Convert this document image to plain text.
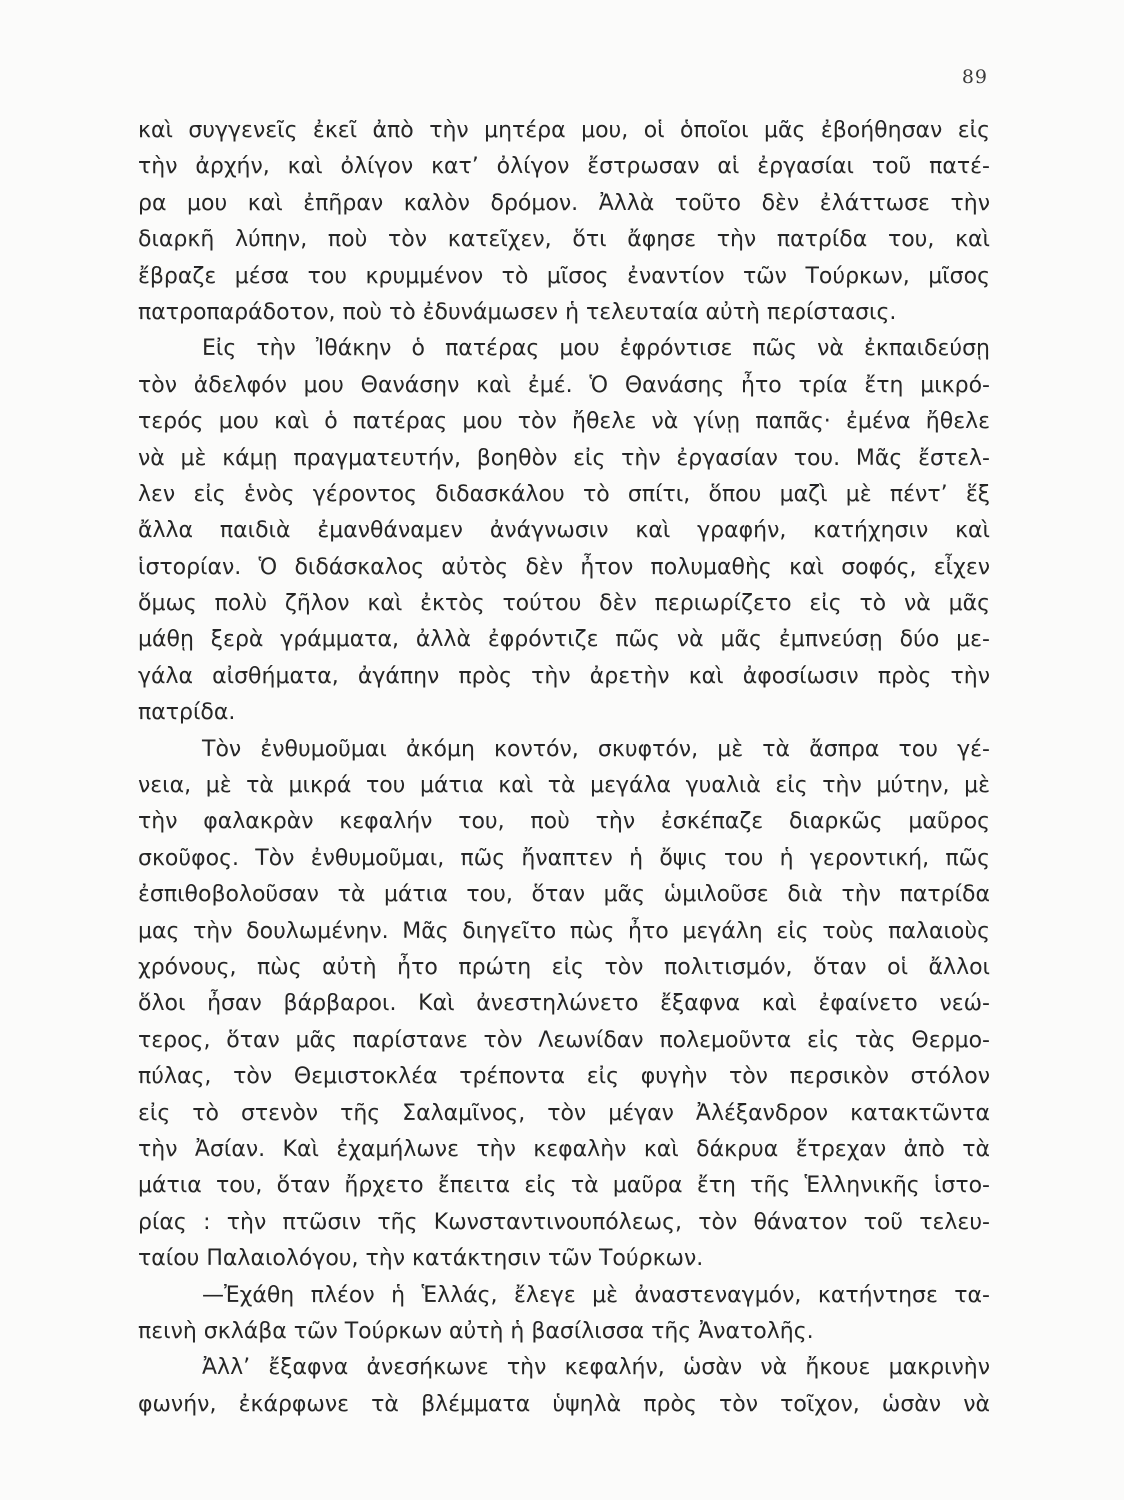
89
καὶ συγγενεῖς ἐκεῖ ἀπὸ τὴν μητέρα μου, οἱ ὁποῖοι μᾶς ἐβοήθησαν εἰς
τὴν ἀρχήν, καὶ ὀλίγον κατ’ ὀλίγον ἔστρωσαν αἱ ἐργασίαι τοῦ πατέ-
ρα μου καὶ ἐπῆραν καλὸν δρόμον. Ἀλλὰ τοῦτο δὲν ἐλάττωσε τὴν
διαρκῆ λύπην, ποὺ τὸν κατεῖχεν, ὅτι ἄφησε τὴν πατρίδα του, καὶ
ἔβραζε μέσα του κρυμμένον τὸ μῖσος ἐναντίον τῶν Τούρκων, μῖσος
πατροπαράδοτον, ποὺ τὸ ἐδυνάμωσεν ἡ τελευταία αὐτὴ περίστασις.
Εἰς τὴν Ἰθάκην ὁ πατέρας μου ἐφρόντισε πῶς νὰ ἐκπαιδεύσῃ
τὸν ἀδελφόν μου Θανάσην καὶ ἐμέ. Ὁ Θανάσης ἦτο τρία ἔτη μικρό-
τερός μου καὶ ὁ πατέρας μου τὸν ἤθελε νὰ γίνῃ παπᾶς· ἐμένα ἤθελε
νὰ μὲ κάμῃ πραγματευτήν, βοηθὸν εἰς τὴν ἐργασίαν του. Μᾶς ἔστελ-
λεν εἰς ἑνὸς γέροντος διδασκάλου τὸ σπίτι, ὅπου μαζὶ μὲ πέντ’ ἕξ
ἄλλα παιδιὰ ἐμανθάναμεν ἀνάγνωσιν καὶ γραφήν, κατήχησιν καὶ
ἱστορίαν. Ὁ διδάσκαλος αὐτὸς δὲν ἦτον πολυμαθὴς καὶ σοφός, εἶχεν
ὅμως πολὺ ζῆλον καὶ ἐκτὸς τούτου δὲν περιωρίζετο εἰς τὸ νὰ μᾶς
μάθῃ ξερὰ γράμματα, ἀλλὰ ἐφρόντιζε πῶς νὰ μᾶς ἐμπνεύσῃ δύο με-
γάλα αἰσθήματα, ἀγάπην πρὸς τὴν ἀρετὴν καὶ ἀφοσίωσιν πρὸς τὴν
πατρίδα.
Τὸν ἐνθυμοῦμαι ἀκόμη κοντόν, σκυφτόν, μὲ τὰ ἄσπρα του γέ-
νεια, μὲ τὰ μικρά του μάτια καὶ τὰ μεγάλα γυαλιὰ εἰς τὴν μύτην, μὲ
τὴν φαλακρὰν κεφαλήν του, ποὺ τὴν ἐσκέπαζε διαρκῶς μαῦρος
σκοῦφος. Τὸν ἐνθυμοῦμαι, πῶς ἤναπτεν ἡ ὄψις του ἡ γεροντική, πῶς
ἐσπιθοβολοῦσαν τὰ μάτια του, ὅταν μᾶς ὡμιλοῦσε διὰ τὴν πατρίδα
μας τὴν δουλωμένην. Μᾶς διηγεῖτο πὼς ἦτο μεγάλη εἰς τοὺς παλαιοὺς
χρόνους, πὼς αὐτὴ ἦτο πρώτη εἰς τὸν πολιτισμόν, ὅταν οἱ ἄλλοι
ὅλοι ἦσαν βάρβαροι. Καὶ ἀνεστηλώνετο ἔξαφνα καὶ ἐφαίνετο νεώ-
τερος, ὅταν μᾶς παρίστανε τὸν Λεωνίδαν πολεμοῦντα εἰς τὰς Θερμο-
πύλας, τὸν Θεμιστοκλέα τρέποντα εἰς φυγὴν τὸν περσικὸν στόλον
εἰς τὸ στενὸν τῆς Σαλαμῖνος, τὸν μέγαν Ἀλέξανδρον κατακτῶντα
τὴν Ἀσίαν. Καὶ ἐχαμήλωνε τὴν κεφαλὴν καὶ δάκρυα ἔτρεχαν ἀπὸ τὰ
μάτια του, ὅταν ἤρχετο ἔπειτα εἰς τὰ μαῦρα ἔτη τῆς Ἑλληνικῆς ἱστο-
ρίας : τὴν πτῶσιν τῆς Κωνσταντινουπόλεως, τὸν θάνατον τοῦ τελευ-
ταίου Παλαιολόγου, τὴν κατάκτησιν τῶν Τούρκων.
—Ἐχάθη πλέον ἡ Ἑλλάς, ἔλεγε μὲ ἀναστεναγμόν, κατήντησε τα-
πεινὴ σκλάβα τῶν Τούρκων αὐτὴ ἡ βασίλισσα τῆς Ἀνατολῆς.
Ἀλλ’ ἔξαφνα ἀνεσήκωνε τὴν κεφαλήν, ὡσὰν νὰ ἤκουε μακρινὴν
φωνήν, ἐκάρφωνε τὰ βλέμματα ὑψηλὰ πρὸς τὸν τοῖχον, ὡσὰν νὰ
